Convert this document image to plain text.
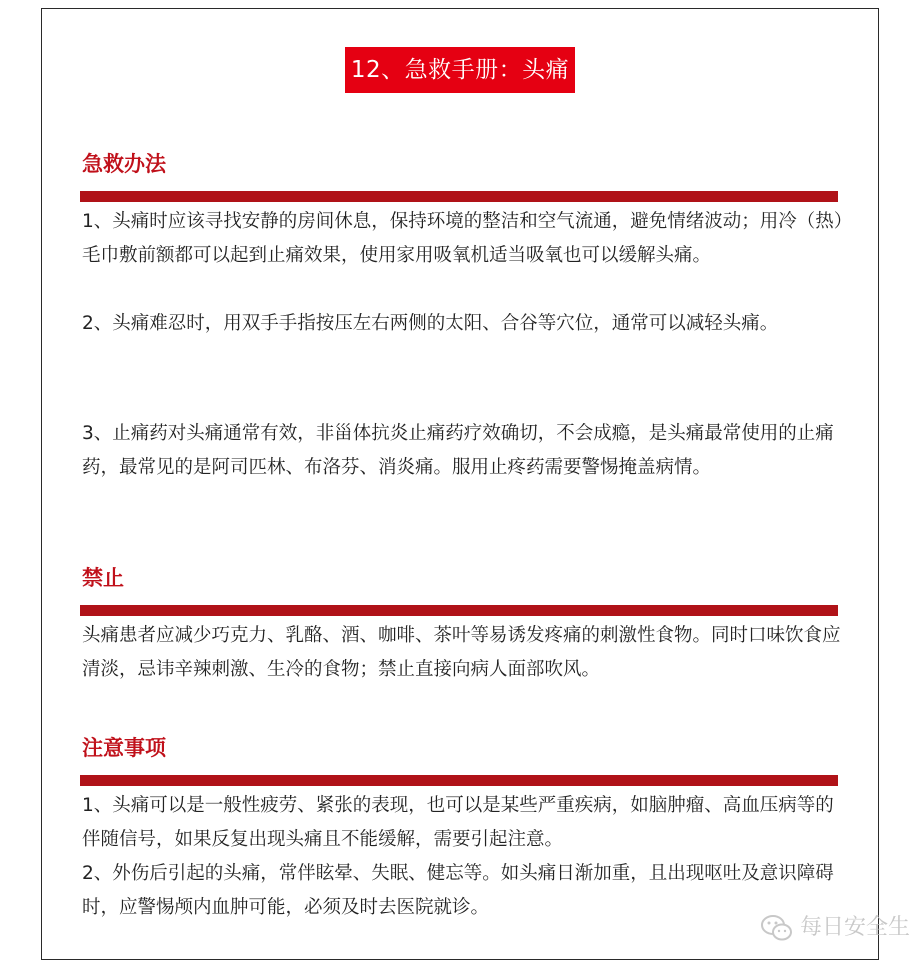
12、急救手册：头痛
急救办法

1、头痛时应该寻找安静的房间休息，保持环境的整洁和空气流通，避免情绪波动；用冷（热）毛巾敷前额都可以起到止痛效果，使用家用吸氧机适当吸氧也可以缓解头痛。

2、头痛难忍时，用双手手指按压左右两侧的太阳、合谷等穴位，通常可以减轻头痛。

3、止痛药对头痛通常有效，非甾体抗炎止痛药疗效确切，不会成瘾，是头痛最常使用的止痛药，最常见的是阿司匹林、布洛芬、消炎痛。服用止疼药需要警惕掩盖病情。

禁止

头痛患者应减少巧克力、乳酪、酒、咖啡、茶叶等易诱发疼痛的刺激性食物。同时口味饮食应清淡，忌讳辛辣刺激、生冷的食物；禁止直接向病人面部吹风。

注意事项

1、头痛可以是一般性疲劳、紧张的表现，也可以是某些严重疾病，如脑肿瘤、高血压病等的伴随信号，如果反复出现头痛且不能缓解，需要引起注意。

2、外伤后引起的头痛，常伴眩晕、失眠、健忘等。如头痛日渐加重，且出现呕吐及意识障碍时，应警惕颅内血肿可能，必须及时去医院就诊。

每日安全生
